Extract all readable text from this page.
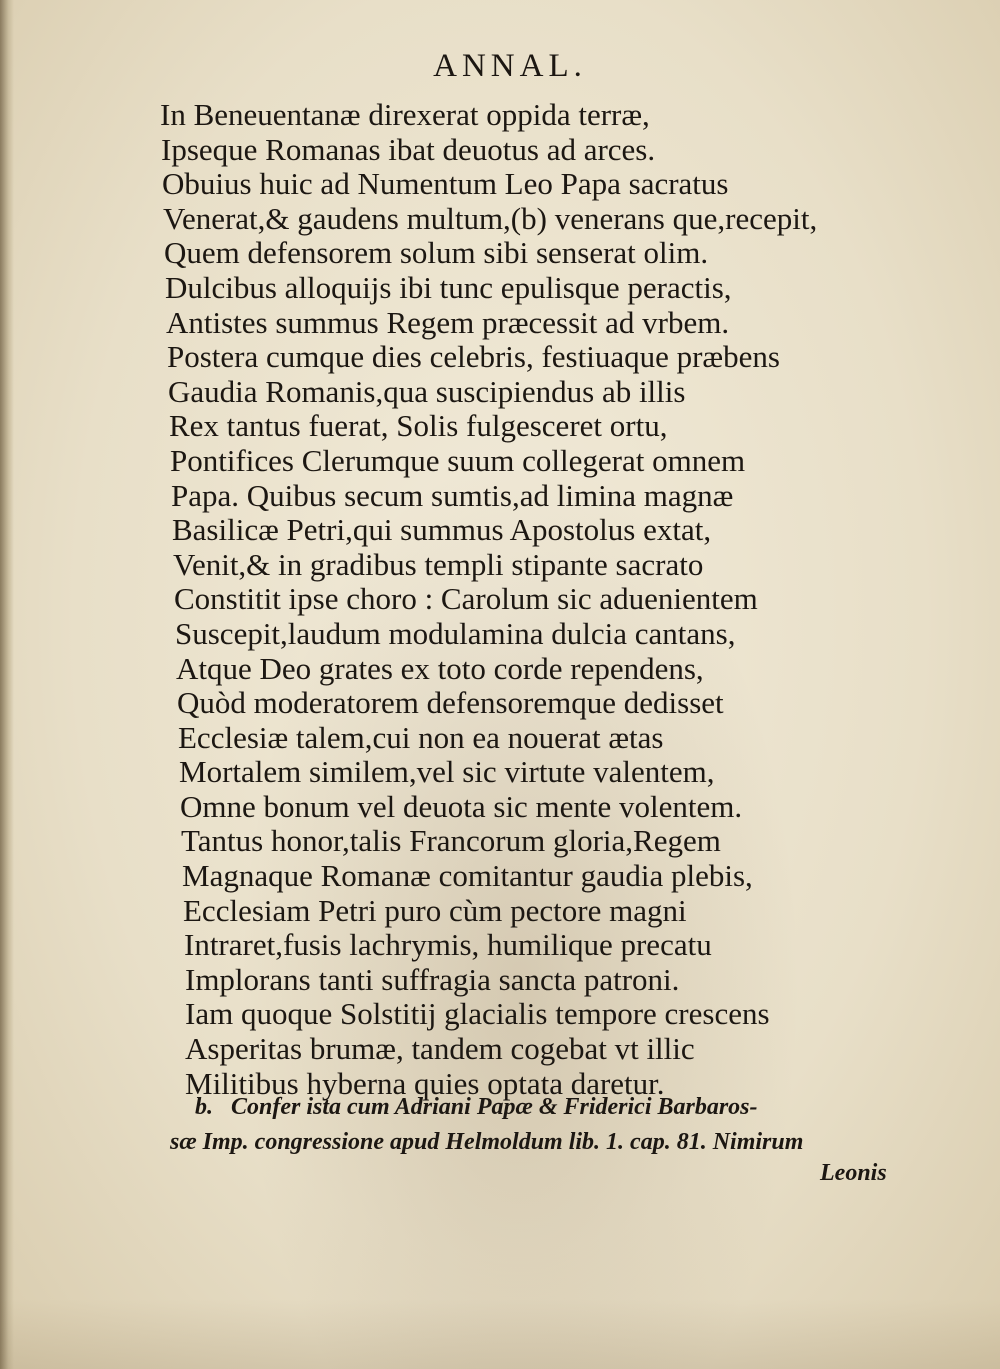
ANNAL.
In Beneuentanæ direxerat oppida terræ,
Ipseque Romanas ibat deuotus ad arces.
Obuius huic ad Numentum Leo Papa sacratus
Venerat,& gaudens multum,(b) venerans que,recepit,
Quem defensorem solum sibi senserat olim.
Dulcibus alloquijs ibi tunc epulisque peractis,
Antistes summus Regem præcessit ad vrbem.
Postera cumque dies celebris, festiuaque præbens
Gaudia Romanis,qua suscipiendus ab illis
Rex tantus fuerat, Solis fulgesceret ortu,
Pontifices Clerumque suum collegerat omnem
Papa. Quibus secum sumtis,ad limina magnæ
Basilicæ Petri,qui summus Apostolus extat,
Venit,& in gradibus templi stipante sacrato
Constitit ipse choro : Carolum sic aduenientem
Suscepit,laudum modulamina dulcia cantans,
Atque Deo grates ex toto corde rependens,
Quòd moderatorem defensoremque dedisset
Ecclesiæ talem,cui non ea nouerat ætas
Mortalem similem,vel sic virtute valentem,
Omne bonum vel deuota sic mente volentem.
Tantus honor,talis Francorum gloria,Regem
Magnaque Romanæ comitantur gaudia plebis,
Ecclesiam Petri puro cùm pectore magni
Intraret,fusis lachrymis, humilique precatu
Implorans tanti suffragia sancta patroni.
Iam quoque Solstitij glacialis tempore crescens
Asperitas brumæ, tandem cogebat vt illic
Militibus hyberna quies optata daretur.
b. Confer ista cum Adriani Papæ & Friderici Barbaros-
sæ Imp. congressione apud Helmoldum lib. 1. cap. 81. Nimirum
Leonis
